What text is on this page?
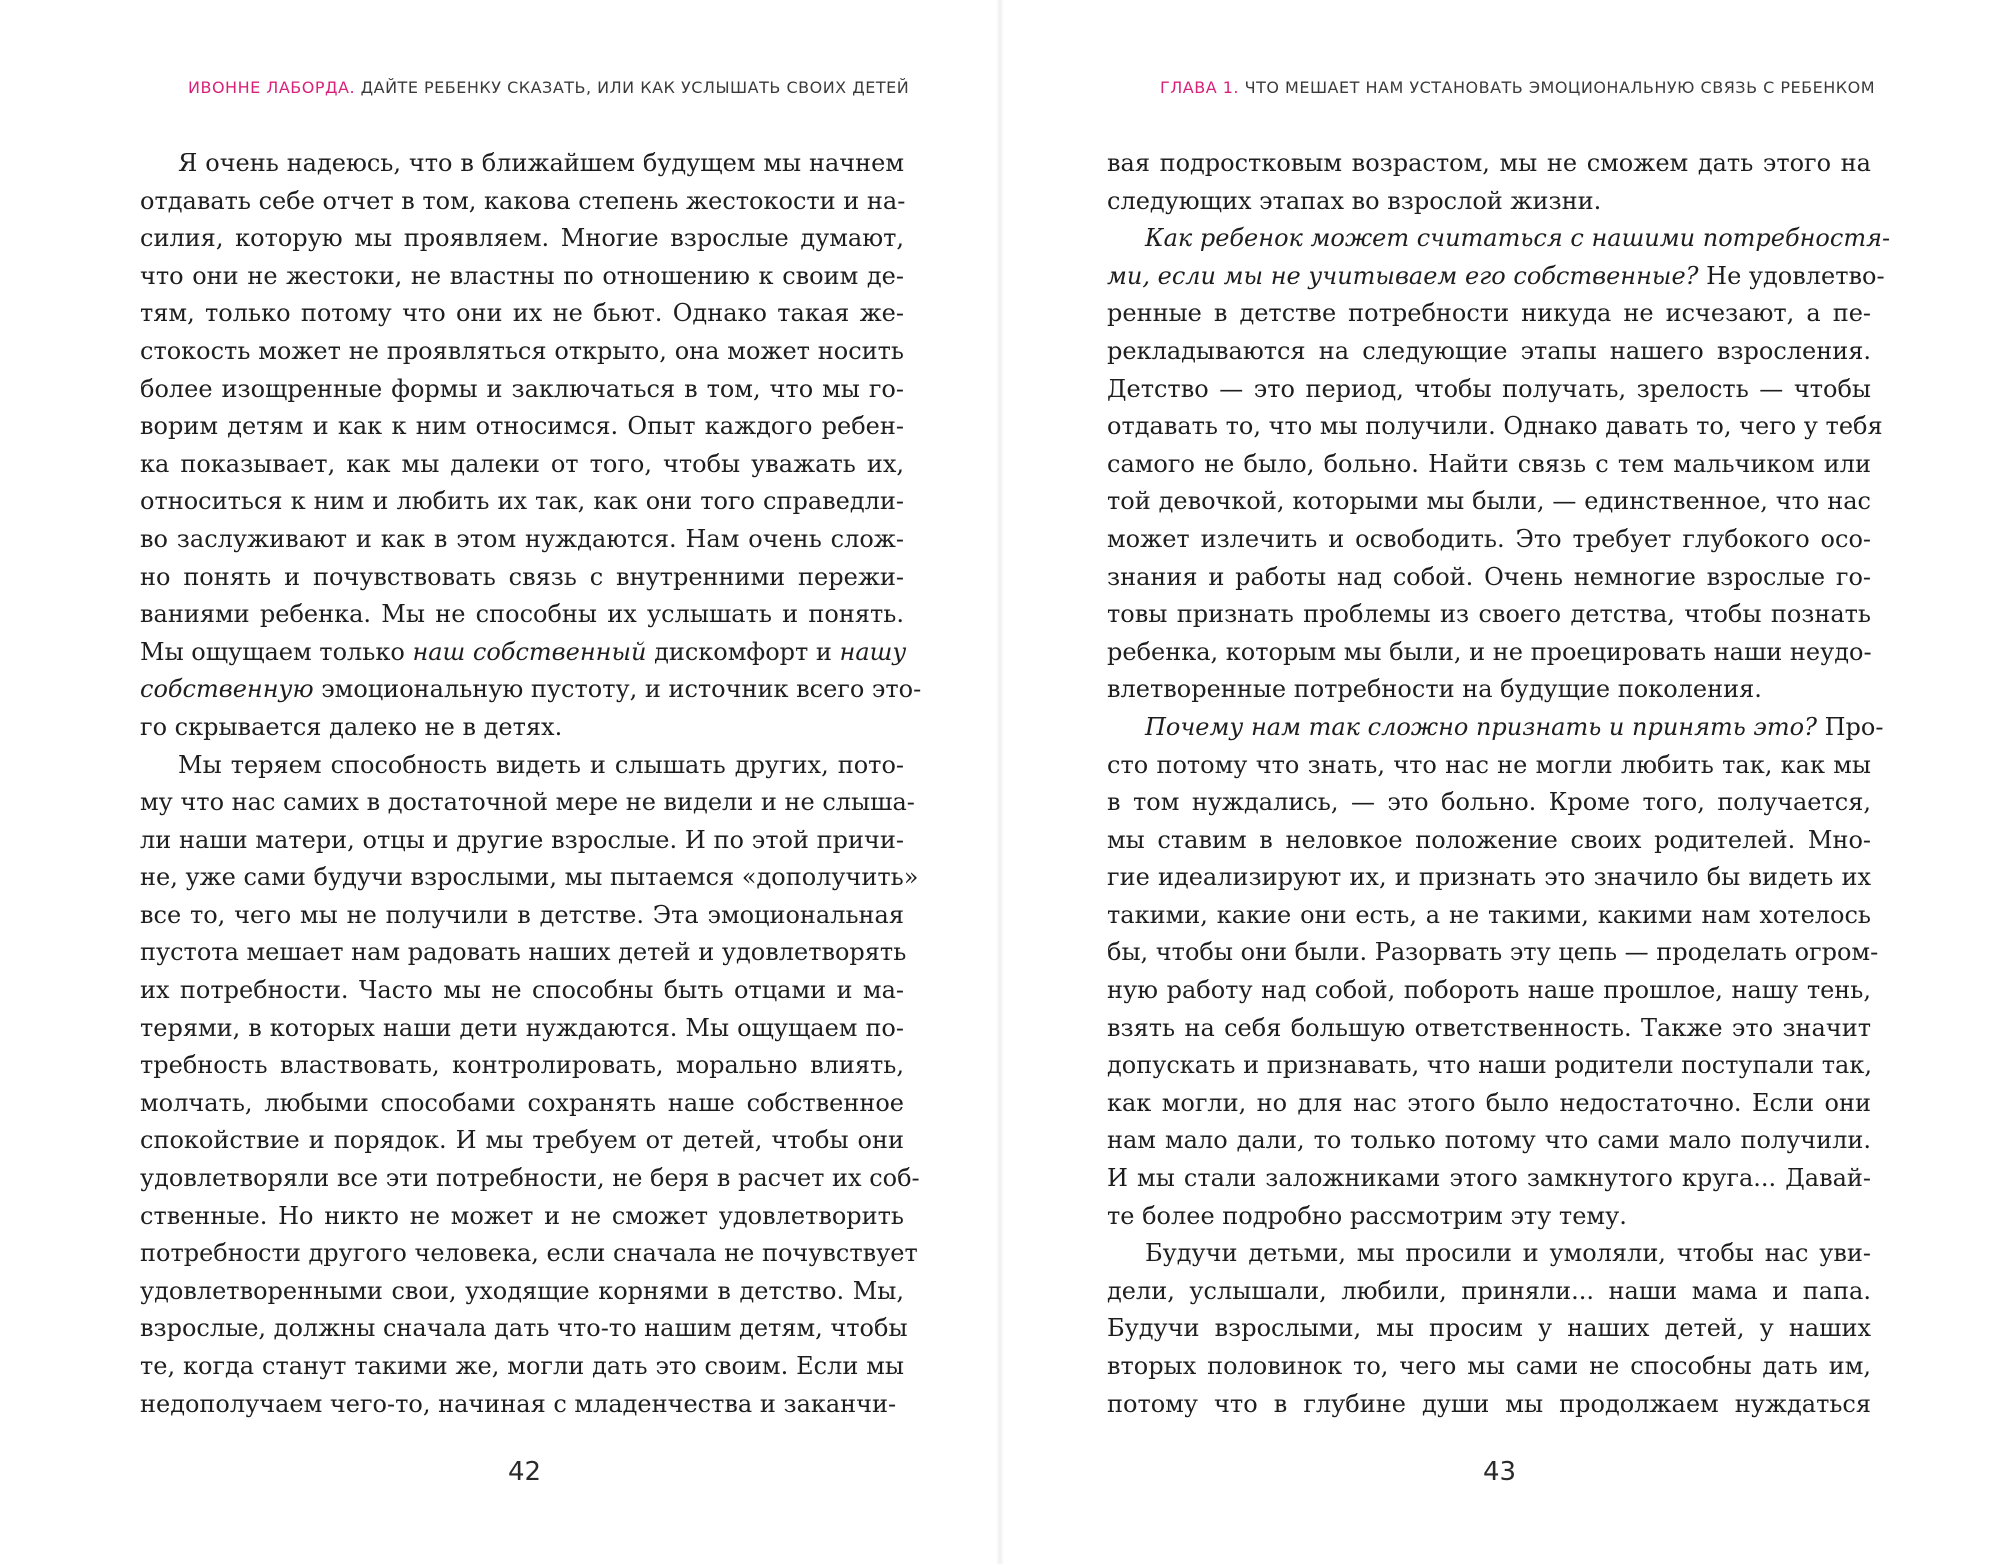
ИВОННЕ ЛАБОРДА. ДАЙТЕ РЕБЕНКУ СКАЗАТЬ, ИЛИ КАК УСЛЫШАТЬ СВОИХ ДЕТЕЙ
Я очень надеюсь, что в ближайшем будущем мы начнем
отдавать себе отчет в том, какова степень жестокости и на-
силия, которую мы проявляем. Многие взрослые думают,
что они не жестоки, не властны по отношению к своим де-
тям, только потому что они их не бьют. Однако такая же-
стокость может не проявляться открыто, она может носить
более изощренные формы и заключаться в том, что мы го-
ворим детям и как к ним относимся. Опыт каждого ребен-
ка показывает, как мы далеки от того, чтобы уважать их,
относиться к ним и любить их так, как они того справедли-
во заслуживают и как в этом нуждаются. Нам очень слож-
но понять и почувствовать связь с внутренними пережи-
ваниями ребенка. Мы не способны их услышать и понять.
Мы ощущаем только наш собственный дискомфорт и нашу
собственную эмоциональную пустоту, и источник всего это-
го скрывается далеко не в детях.
Мы теряем способность видеть и слышать других, пото-
му что нас самих в достаточной мере не видели и не слыша-
ли наши матери, отцы и другие взрослые. И по этой причи-
не, уже сами будучи взрослыми, мы пытаемся «дополучить»
все то, чего мы не получили в детстве. Эта эмоциональная
пустота мешает нам радовать наших детей и удовлетворять
их потребности. Часто мы не способны быть отцами и ма-
терями, в которых наши дети нуждаются. Мы ощущаем по-
требность властвовать, контролировать, морально влиять,
молчать, любыми способами сохранять наше собственное
спокойствие и порядок. И мы требуем от детей, чтобы они
удовлетворяли все эти потребности, не беря в расчет их соб-
ственные. Но никто не может и не сможет удовлетворить
потребности другого человека, если сначала не почувствует
удовлетворенными свои, уходящие корнями в детство. Мы,
взрослые, должны сначала дать что-то нашим детям, чтобы
те, когда станут такими же, могли дать это своим. Если мы
недополучаем чего-то, начиная с младенчества и заканчи-
42
ГЛАВА 1. ЧТО МЕШАЕТ НАМ УСТАНОВАТЬ ЭМОЦИОНАЛЬНУЮ СВЯЗЬ С РЕБЕНКОМ
вая подростковым возрастом, мы не сможем дать этого на
следующих этапах во взрослой жизни.
Как ребенок может считаться с нашими потребностя-
ми, если мы не учитываем его собственные? Не удовлетво-
ренные в детстве потребности никуда не исчезают, а пе-
рекладываются на следующие этапы нашего взросления.
Детство — это период, чтобы получать, зрелость — чтобы
отдавать то, что мы получили. Однако давать то, чего у тебя
самого не было, больно. Найти связь с тем мальчиком или
той девочкой, которыми мы были, — единственное, что нас
может излечить и освободить. Это требует глубокого осо-
знания и работы над собой. Очень немногие взрослые го-
товы признать проблемы из своего детства, чтобы познать
ребенка, которым мы были, и не проецировать наши неудо-
влетворенные потребности на будущие поколения.
Почему нам так сложно признать и принять это? Про-
сто потому что знать, что нас не могли любить так, как мы
в том нуждались, — это больно. Кроме того, получается,
мы ставим в неловкое положение своих родителей. Мно-
гие идеализируют их, и признать это значило бы видеть их
такими, какие они есть, а не такими, какими нам хотелось
бы, чтобы они были. Разорвать эту цепь — проделать огром-
ную работу над собой, побороть наше прошлое, нашу тень,
взять на себя большую ответственность. Также это значит
допускать и признавать, что наши родители поступали так,
как могли, но для нас этого было недостаточно. Если они
нам мало дали, то только потому что сами мало получили.
И мы стали заложниками этого замкнутого круга... Давай-
те более подробно рассмотрим эту тему.
Будучи детьми, мы просили и умоляли, чтобы нас уви-
дели, услышали, любили, приняли... наши мама и папа.
Будучи взрослыми, мы просим у наших детей, у наших
вторых половинок то, чего мы сами не способны дать им,
потому что в глубине души мы продолжаем нуждаться
43
